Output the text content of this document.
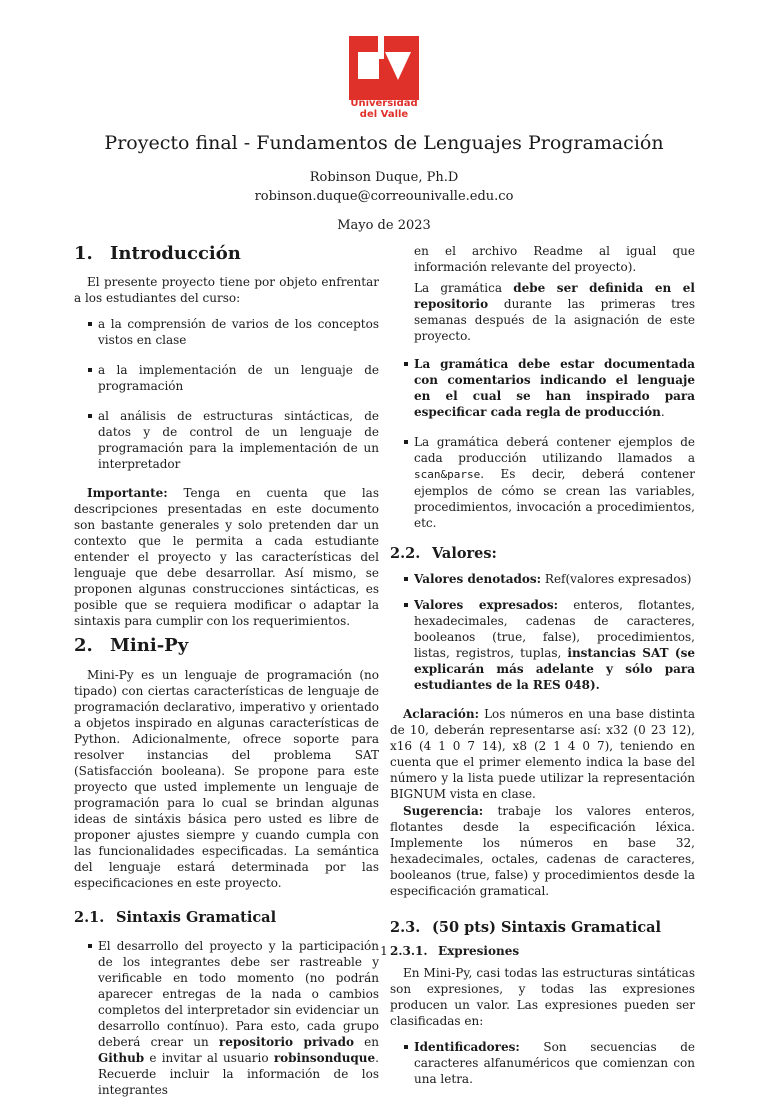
Universidad
del Valle
Proyecto final - Fundamentos de Lenguajes Programación
Robinson Duque, Ph.D
robinson.duque@correounivalle.edu.co
Mayo de 2023
1. Introducción

El presente proyecto tiene por objeto enfrentar a los estudiantes del curso:

a la comprensión de varios de los conceptos vistos en clase
a la implementación de un lenguaje de programación
al análisis de estructuras sintácticas, de datos y de control de un lenguaje de programación para la implementación de un interpretador

Importante: Tenga en cuenta que las descripciones presentadas en este documento son bastante generales y solo pretenden dar un contexto que le permita a cada estudiante entender el proyecto y las características del lenguaje que debe desarrollar. Así mismo, se proponen algunas construcciones sintácticas, es posible que se requiera modificar o adaptar la sintaxis para cumplir con los requerimientos.

2. Mini-Py

Mini-Py es un lenguaje de programación (no tipado) con ciertas características de lenguaje de programación declarativo, imperativo y orientado a objetos inspirado en algunas características de Python. Adicionalmente, ofrece soporte para resolver instancias del problema SAT (Satisfacción booleana). Se propone para este proyecto que usted implemente un lenguaje de programación para lo cual se brindan algunas ideas de sintáxis básica pero usted es libre de proponer ajustes siempre y cuando cumpla con las funcionalidades especificadas. La semántica del lenguaje estará determinada por las especificaciones en este proyecto.

2.1. Sintaxis Gramatical
El desarrollo del proyecto y la participación de los integrantes debe ser rastreable y verificable en todo momento (no podrán aparecer entregas de la nada o cambios completos del interpretador sin evidenciar un desarrollo contínuo). Para esto, cada grupo deberá crear un repositorio privado en Github e invitar al usuario robinsonduque. Recuerde incluir la información de los integrantes

en el archivo Readme al igual que información relevante del proyecto).

La gramática debe ser definida en el repositorio durante las primeras tres semanas después de la asignación de este proyecto.

La gramática debe estar documentada con comentarios indicando el lenguaje en el cual se han inspirado para especificar cada regla de producción.
La gramática deberá contener ejemplos de cada producción utilizando llamados a scan&parse. Es decir, deberá contener ejemplos de cómo se crean las variables, procedimientos, invocación a procedimientos, etc.
2.2. Valores:
Valores denotados: Ref(valores expresados)
Valores expresados: enteros, flotantes, hexadecimales, cadenas de caracteres, booleanos (true, false), procedimientos, listas, registros, tuplas, instancias SAT (se explicarán más adelante y sólo para estudiantes de la RES 048).

Aclaración: Los números en una base distinta de 10, deberán representarse así: x32 (0 23 12), x16 (4 1 0 7 14), x8 (2 1 4 0 7), teniendo en cuenta que el primer elemento indica la base del número y la lista puede utilizar la representación BIGNUM vista en clase.

Sugerencia: trabaje los valores enteros, flotantes desde la especificación léxica. Implemente los números en base 32, hexadecimales, octales, cadenas de caracteres, booleanos (true, false) y procedimientos desde la especificación gramatical.

2.3. (50 pts) Sintaxis Gramatical
2.3.1. Expresiones

En Mini-Py, casi todas las estructuras sintáticas son expresiones, y todas las expresiones producen un valor. Las expresiones pueden ser clasificadas en:

Identificadores: Son secuencias de caracteres alfanuméricos que comienzan con una letra.
1
